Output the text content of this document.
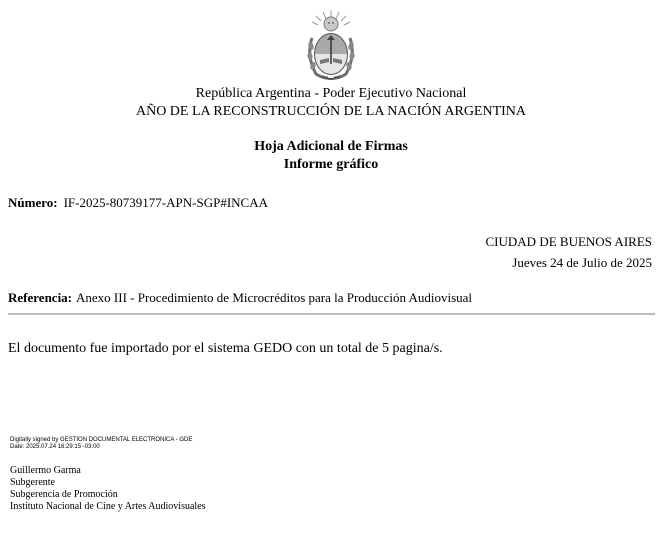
República Argentina - Poder Ejecutivo Nacional
AÑO DE LA RECONSTRUCCIÓN DE LA NACIÓN ARGENTINA
Hoja Adicional de Firmas
Informe gráfico
Número: IF-2025-80739177-APN-SGP#INCAA
CIUDAD DE BUENOS AIRES
Jueves 24 de Julio de 2025
Referencia: Anexo III - Procedimiento de Microcréditos para la Producción Audiovisual
El documento fue importado por el sistema GEDO con un total de 5 pagina/s.
Digitally signed by GESTION DOCUMENTAL ELECTRONICA - GDE
Date: 2025.07.24 16:29:15 -03:00
Guillermo Garma
Subgerente
Subgerencia de Promoción
Instituto Nacional de Cine y Artes Audiovisuales
